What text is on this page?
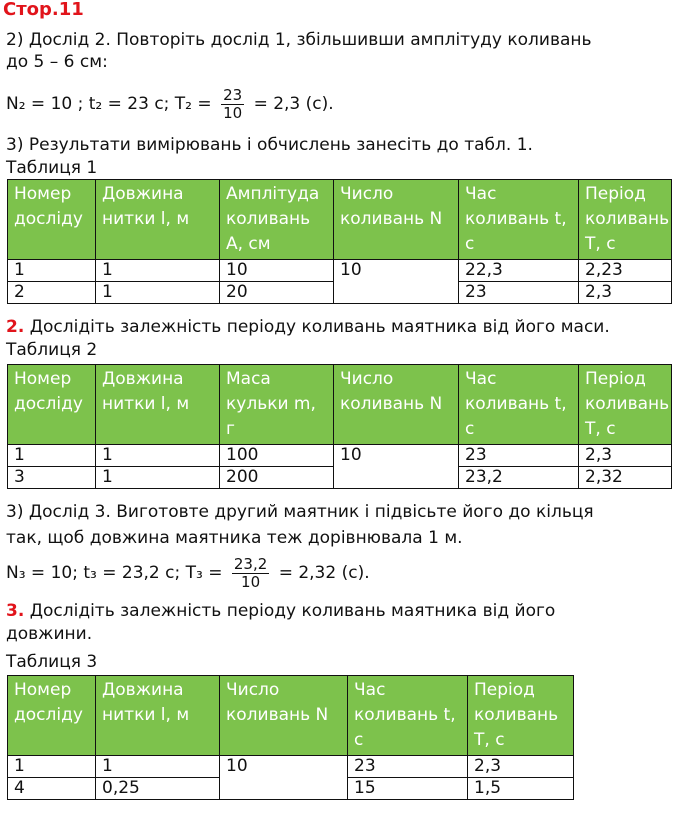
Стор.11
2) Дослід 2. Повторіть дослід 1, збільшивши амплітуду коливань
до 5 – 6 см:
N₂ = 10 ; t₂ = 23 с; $T_2 = \frac{23}{10} = 2,3$ (с).
3) Результати вимірювань і обчислень занесіть до табл. 1.
Таблиця 1
Номер досліду	Довжина нитки l, м	Амплітуда коливань А, см	Число коливань N	Час коливань t, с	Період коливань T, с
1	1	10	10	22,3	2,23
2	1	20		23	2,3
2. Дослідіть залежність періоду коливань маятника від його маси.
Таблиця 2
Номер досліду	Довжина нитки l, м	Маса кульки m, г	Число коливань N	Час коливань t, с	Період коливань T, с
1	1	100	10	23	2,3
3	1	200		23,2	2,32
3) Дослід 3. Виготовте другий маятник і підвісьте його до кільця
так, щоб довжина маятника теж дорівнювала 1 м.
N₃ = 10; t₃ = 23,2 с; $T_3 = \frac{23,2}{10} = 2,32$ (с).
3. Дослідіть залежність періоду коливань маятника від його
довжини.
Таблиця 3
Номер досліду	Довжина нитки l, м	Число коливань N	Час коливань t, с	Період коливань T, с
1	1	10	23	2,3
4	0,25		15	1,5
